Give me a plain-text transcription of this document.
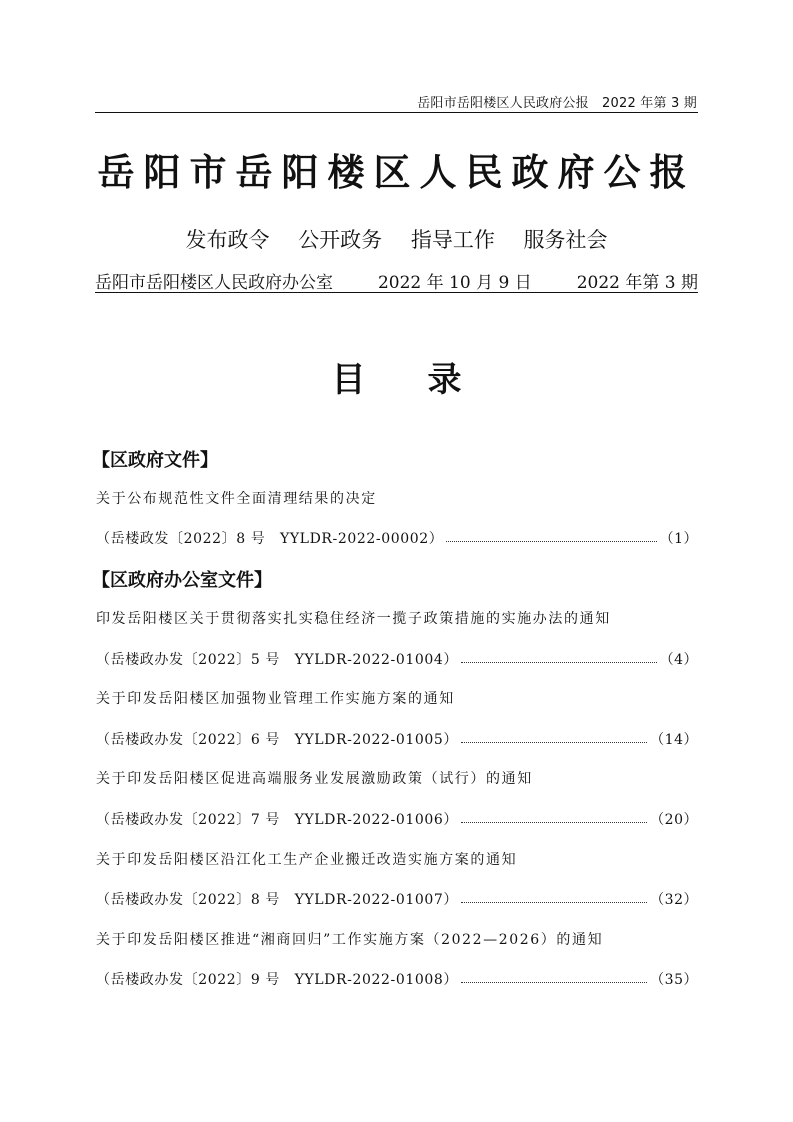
岳阳市岳阳楼区人民政府公报　2022 年第 3 期
岳阳市岳阳楼区人民政府公报
发布政令 公开政务 指导工作 服务社会
岳阳市岳阳楼区人民政府办公室	2022 年 10 月 9 日	2022 年第 3 期
目 录
【区政府文件】
关于公布规范性文件全面清理结果的决定
（岳楼政发〔2022〕8 号　YYLDR-2022-00002）	（1）
【区政府办公室文件】
印发岳阳楼区关于贯彻落实扎实稳住经济一揽子政策措施的实施办法的通知
（岳楼政办发〔2022〕5 号　YYLDR-2022-01004）	（4）
关于印发岳阳楼区加强物业管理工作实施方案的通知
（岳楼政办发〔2022〕6 号　YYLDR-2022-01005）	（14）
关于印发岳阳楼区促进高端服务业发展激励政策（试行）的通知
（岳楼政办发〔2022〕7 号　YYLDR-2022-01006）	（20）
关于印发岳阳楼区沿江化工生产企业搬迁改造实施方案的通知
（岳楼政办发〔2022〕8 号　YYLDR-2022-01007）	（32）
关于印发岳阳楼区推进“湘商回归”工作实施方案（2022—2026）的通知
（岳楼政办发〔2022〕9 号　YYLDR-2022-01008）	（35）
